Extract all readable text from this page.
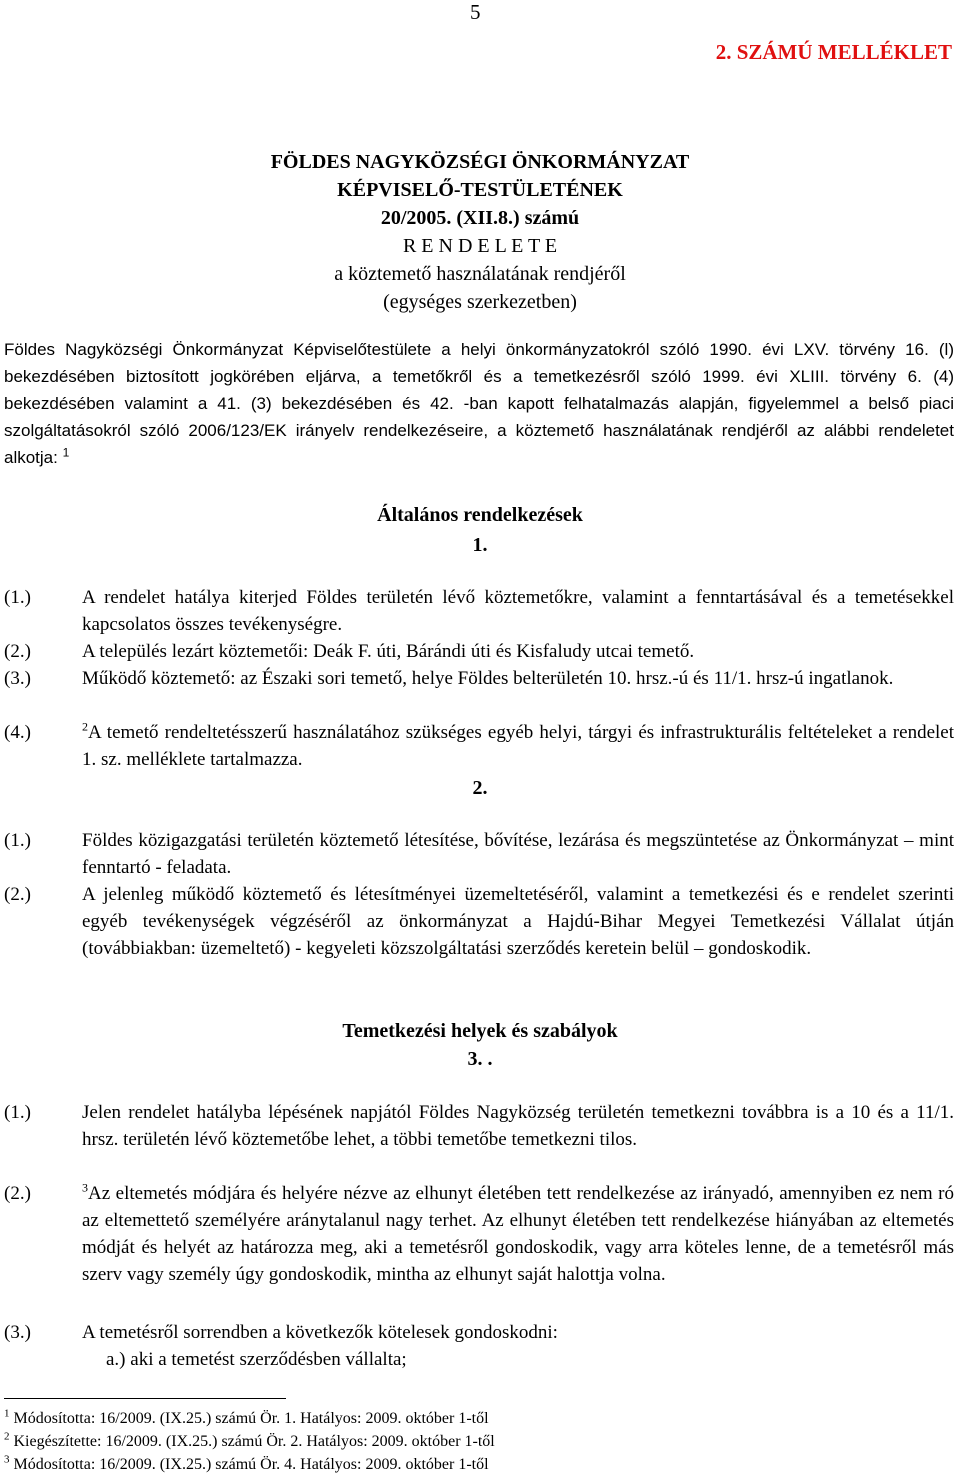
5
2. SZÁMÚ MELLÉKLET
FÖLDES NAGYKÖZSÉGI ÖNKORMÁNYZAT
KÉPVISELŐ-TESTÜLETÉNEK
20/2005. (XII.8.) számú
R E N D E L E T E
a köztemető használatának rendjéről
(egységes szerkezetben)

Földes Nagyközségi Önkormányzat Képviselőtestülete a helyi önkormányzatokról szóló 1990. évi LXV. törvény 16. (l) bekezdésében biztosított jogkörében eljárva, a temetőkről és a temetkezésről szóló 1999. évi XLIII. törvény 6. (4) bekezdésében valamint a 41. (3) bekezdésében és 42. -ban kapott felhatalmazás alapján, figyelemmel a belső piaci szolgáltatásokról szóló 2006/123/EK irányelv rendelkezéseire, a köztemető használatának rendjéről az alábbi rendeletet alkotja: $^1$

Általános rendelkezések
1.
(1.)	A rendelet hatálya kiterjed Földes területén lévő köztemetőkre, valamint a fenntartásával és a temetésekkel kapcsolatos összes tevékenységre.
(2.)	A település lezárt köztemetői: Deák F. úti, Bárándi úti és Kisfaludy utcai temető.
(3.)	Működő köztemető: az Északi sori temető, helye Földes belterületén 10. hrsz.-ú és 11/1. hrsz-ú ingatlanok.
(4.)	$^2$A temető rendeltetésszerű használatához szükséges egyéb helyi, tárgyi és infrastrukturális feltételeket a rendelet 1. sz. melléklete tartalmazza.
2.
(1.)	Földes közigazgatási területén köztemető létesítése, bővítése, lezárása és megszüntetése az Önkormányzat – mint fenntartó - feladata.
(2.)	A jelenleg működő köztemető és létesítményei üzemeltetéséről, valamint a temetkezési és e rendelet szerinti egyéb tevékenységek végzéséről az önkormányzat a Hajdú-Bihar Megyei Temetkezési Vállalat útján (továbbiakban: üzemeltető) - kegyeleti közszolgáltatási szerződés keretein belül – gondoskodik.
Temetkezési helyek és szabályok
3. .
(1.)	Jelen rendelet hatályba lépésének napjától Földes Nagyközség területén temetkezni továbbra is a 10 és a 11/1. hrsz. területén lévő köztemetőbe lehet, a többi temetőbe temetkezni tilos.
(2.)	$^3$Az eltemetés módjára és helyére nézve az elhunyt életében tett rendelkezése az irányadó, amennyiben ez nem ró az eltemettető személyére aránytalanul nagy terhet. Az elhunyt életében tett rendelkezése hiányában az eltemetés módját és helyét az határozza meg, aki a temetésről gondoskodik, vagy arra köteles lenne, de a temetésről más szerv vagy személy úgy gondoskodik, mintha az elhunyt saját halottja volna.
(3.)	A temetésről sorrendben a következők kötelesek gondoskodni:
a.) aki a temetést szerződésben vállalta;
$^1$ Módosította: 16/2009. (IX.25.) számú Ör. 1. Hatályos: 2009. október 1-től
$^2$ Kiegészítette: 16/2009. (IX.25.) számú Ör. 2. Hatályos: 2009. október 1-től
$^3$ Módosította: 16/2009. (IX.25.) számú Ör. 4. Hatályos: 2009. október 1-től
